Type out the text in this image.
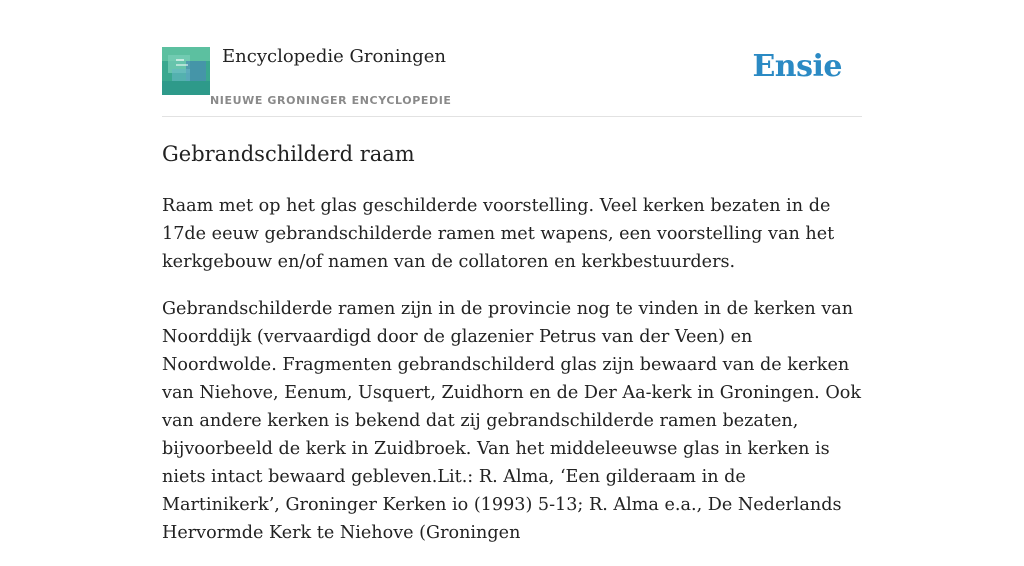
Encyclopedie Groningen
NIEUWE GRONINGER ENCYCLOPEDIE
Ensie
Gebrandschilderd raam

Raam met op het glas geschilderde voorstelling. Veel kerken bezaten in de 17de eeuw gebrandschilderde ramen met wapens, een voorstelling van het kerkgebouw en/of namen van de collatoren en kerkbestuurders.

Gebrandschilderde ramen zijn in de provincie nog te vinden in de kerken van Noorddijk (vervaardigd door de glazenier Petrus van der Veen) en Noordwolde. Fragmenten gebrandschilderd glas zijn bewaard van de kerken van Niehove, Eenum, Usquert, Zuidhorn en de Der Aa-kerk in Groningen. Ook van andere kerken is bekend dat zij gebrandschilderde ramen bezaten, bijvoorbeeld de kerk in Zuidbroek. Van het middeleeuwse glas in kerken is niets intact bewaard gebleven.Lit.: R. Alma, ‘Een gilderaam in de Martinikerk’, Groninger Kerken io (1993) 5-13; R. Alma e.a., De Nederlands Hervormde Kerk te Niehove (Groningen
